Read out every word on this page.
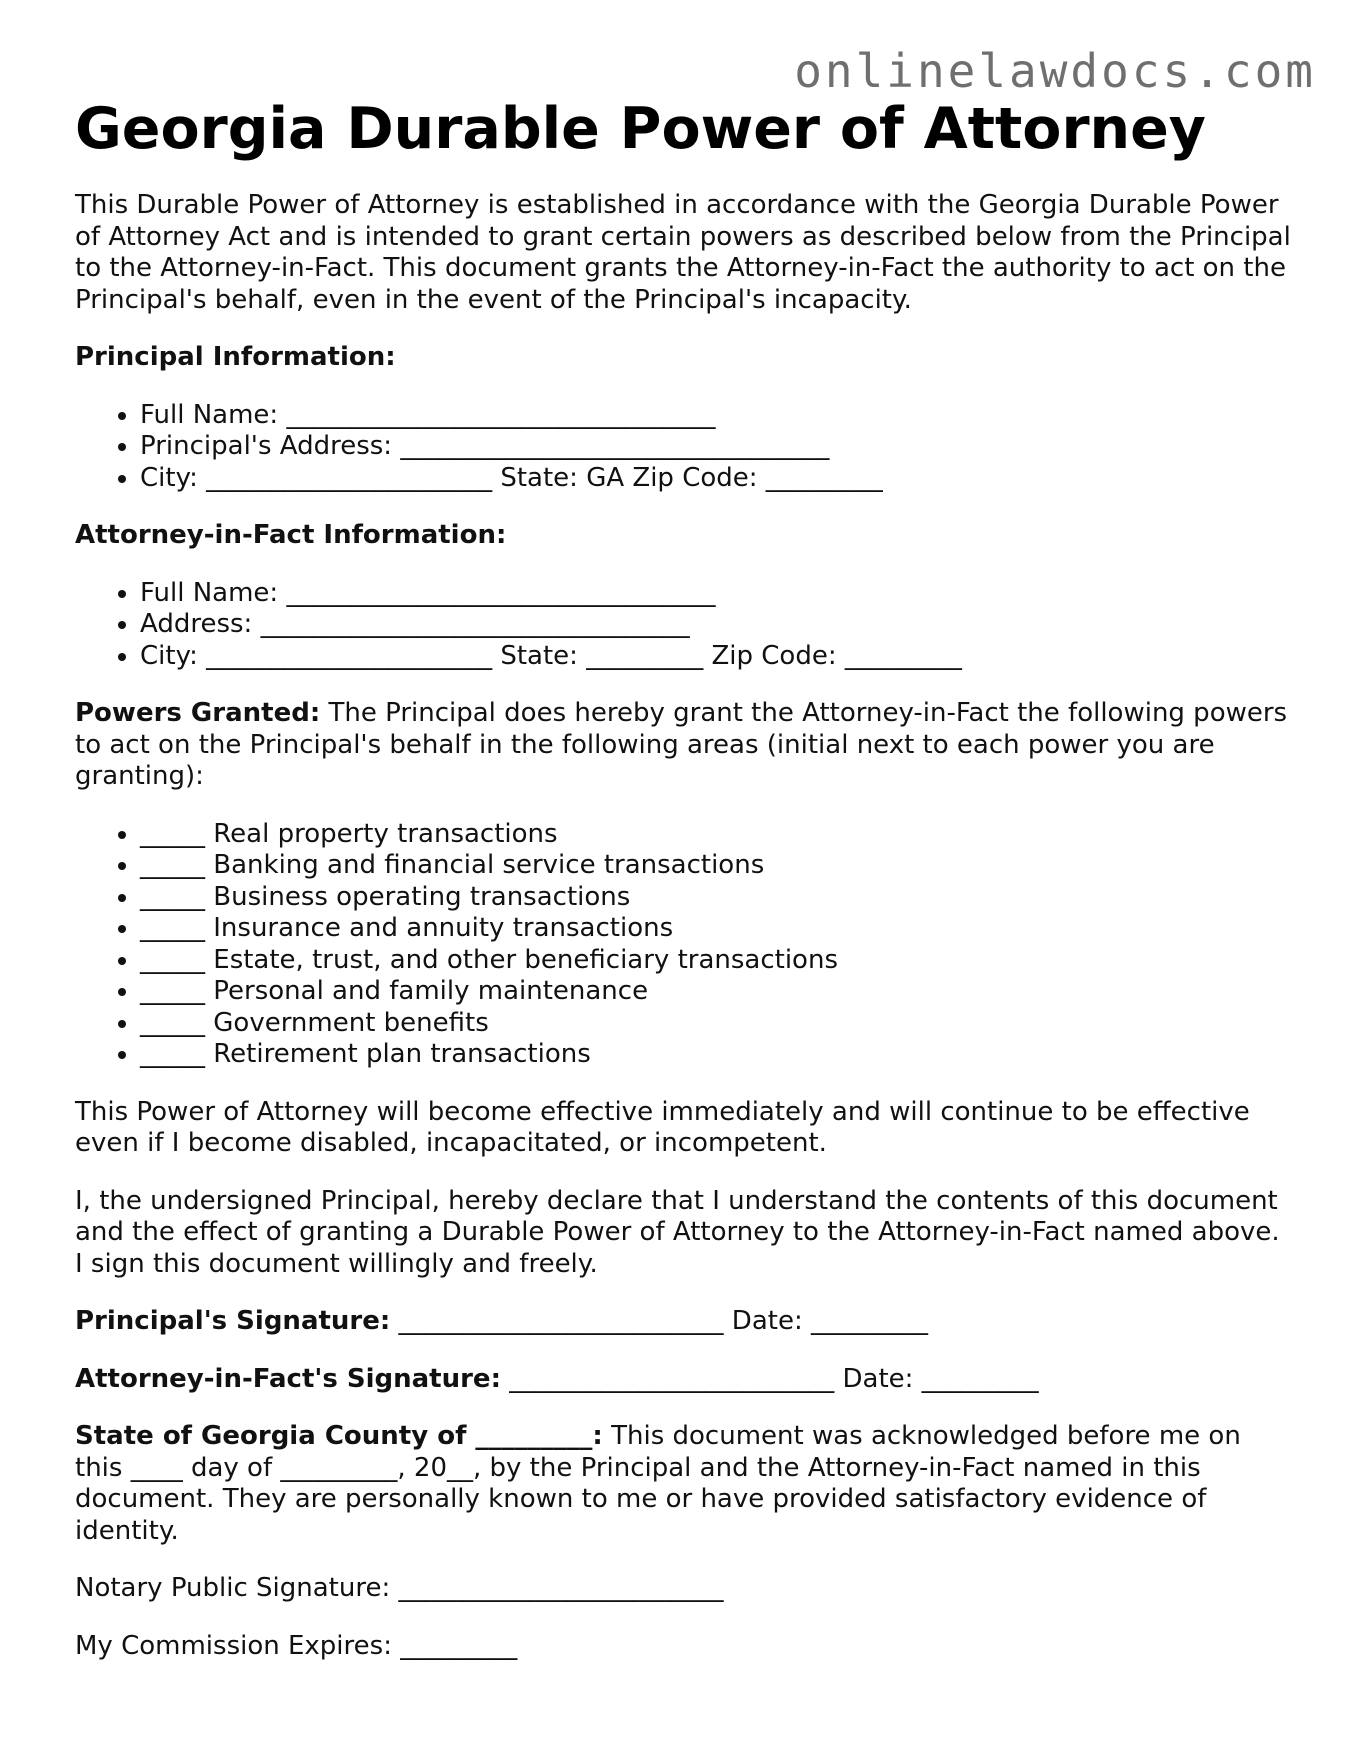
onlinelawdocs.com
Georgia Durable Power of Attorney

This Durable Power of Attorney is established in accordance with the Georgia Durable Power of Attorney Act and is intended to grant certain powers as described below from the Principal to the Attorney-in-Fact. This document grants the Attorney-in-Fact the authority to act on the Principal's behalf, even in the event of the Principal's incapacity.

Principal Information:
• Full Name: _________________________________
• Principal's Address: _________________________________
• City: ______________________ State: GA Zip Code: _________
Attorney-in-Fact Information:
• Full Name: _________________________________
• Address: _________________________________
• City: ______________________ State: _________ Zip Code: _________

Powers Granted: The Principal does hereby grant the Attorney-in-Fact the following powers to act on the Principal's behalf in the following areas (initial next to each power you are granting):

• _____ Real property transactions
• _____ Banking and financial service transactions
• _____ Business operating transactions
• _____ Insurance and annuity transactions
• _____ Estate, trust, and other beneficiary transactions
• _____ Personal and family maintenance
• _____ Government benefits
• _____ Retirement plan transactions

This Power of Attorney will become effective immediately and will continue to be effective even if I become disabled, incapacitated, or incompetent.

I, the undersigned Principal, hereby declare that I understand the contents of this document and the effect of granting a Durable Power of Attorney to the Attorney-in-Fact named above. I sign this document willingly and freely.

Principal's Signature: _________________________ Date: _________

Attorney-in-Fact's Signature: _________________________ Date: _________

State of Georgia County of _________: This document was acknowledged before me on this ____ day of _________, 20__, by the Principal and the Attorney-in-Fact named in this document. They are personally known to me or have provided satisfactory evidence of identity.

Notary Public Signature: _________________________

My Commission Expires: _________
